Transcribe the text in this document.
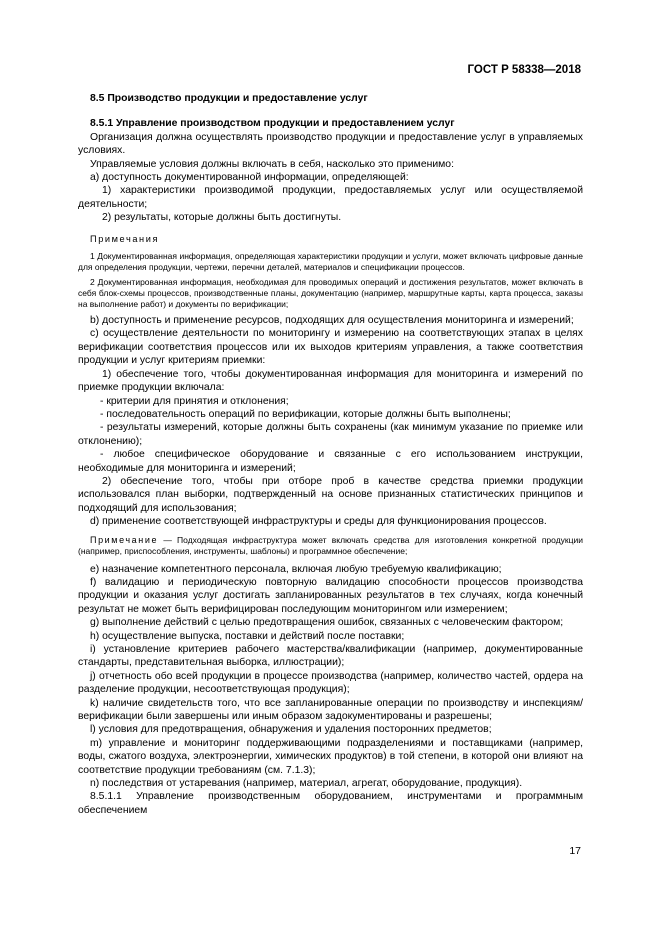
ГОСТ Р 58338—2018

8.5 Производство продукции и предоставление услуг

8.5.1 Управление производством продукции и предоставлением услуг

Организация должна осуществлять производство продукции и предоставление услуг в управляемых условиях.

Управляемые условия должны включать в себя, насколько это применимо:

а) доступность документированной информации, определяющей:

1) характеристики производимой продукции, предоставляемых услуг или осуществляемой деятельности;

2) результаты, которые должны быть достигнуты.

Примечания

1 Документированная информация, определяющая характеристики продукции и услуги, может включать цифровые данные для определения продукции, чертежи, перечни деталей, материалов и спецификации процессов.

2 Документированная информация, необходимая для проводимых операций и достижения результатов, может включать в себя блок-схемы процессов, производственные планы, документацию (например, маршрутные карты, карта процесса, заказы на выполнение работ) и документы по верификации;

b) доступность и применение ресурсов, подходящих для осуществления мониторинга и измерений;

c) осуществление деятельности по мониторингу и измерению на соответствующих этапах в целях верификации соответствия процессов или их выходов критериям управления, а также соответствия продукции и услуг критериям приемки:

1) обеспечение того, чтобы документированная информация для мониторинга и измерений по приемке продукции включала:

- критерии для принятия и отклонения;

- последовательность операций по верификации, которые должны быть выполнены;

- результаты измерений, которые должны быть сохранены (как минимум указание по приемке или отклонению);

- любое специфическое оборудование и связанные с его использованием инструкции, необходимые для мониторинга и измерений;

2) обеспечение того, чтобы при отборе проб в качестве средства приемки продукции использовался план выборки, подтвержденный на основе признанных статистических принципов и подходящий для использования;

d) применение соответствующей инфраструктуры и среды для функционирования процессов.

Примечание — Подходящая инфраструктура может включать средства для изготовления конкретной продукции (например, приспособления, инструменты, шаблоны) и программное обеспечение;

e) назначение компетентного персонала, включая любую требуемую квалификацию;

f) валидацию и периодическую повторную валидацию способности процессов производства продукции и оказания услуг достигать запланированных результатов в тех случаях, когда конечный результат не может быть верифицирован последующим мониторингом или измерением;

g) выполнение действий с целью предотвращения ошибок, связанных с человеческим фактором;

h) осуществление выпуска, поставки и действий после поставки;

i) установление критериев рабочего мастерства/квалификации (например, документированные стандарты, представительная выборка, иллюстрации);

j) отчетность обо всей продукции в процессе производства (например, количество частей, ордера на разделение продукции, несоответствующая продукция);

k) наличие свидетельств того, что все запланированные операции по производству и инспекциям/верификации были завершены или иным образом задокументированы и разрешены;

l) условия для предотвращения, обнаружения и удаления посторонних предметов;

m) управление и мониторинг поддерживающими подразделениями и поставщиками (например, воды, сжатого воздуха, электроэнергии, химических продуктов) в той степени, в которой они влияют на соответствие продукции требованиям (см. 7.1.3);

n) последствия от устаревания (например, материал, агрегат, оборудование, продукция).

8.5.1.1 Управление производственным оборудованием, инструментами и программным обеспечением

17
